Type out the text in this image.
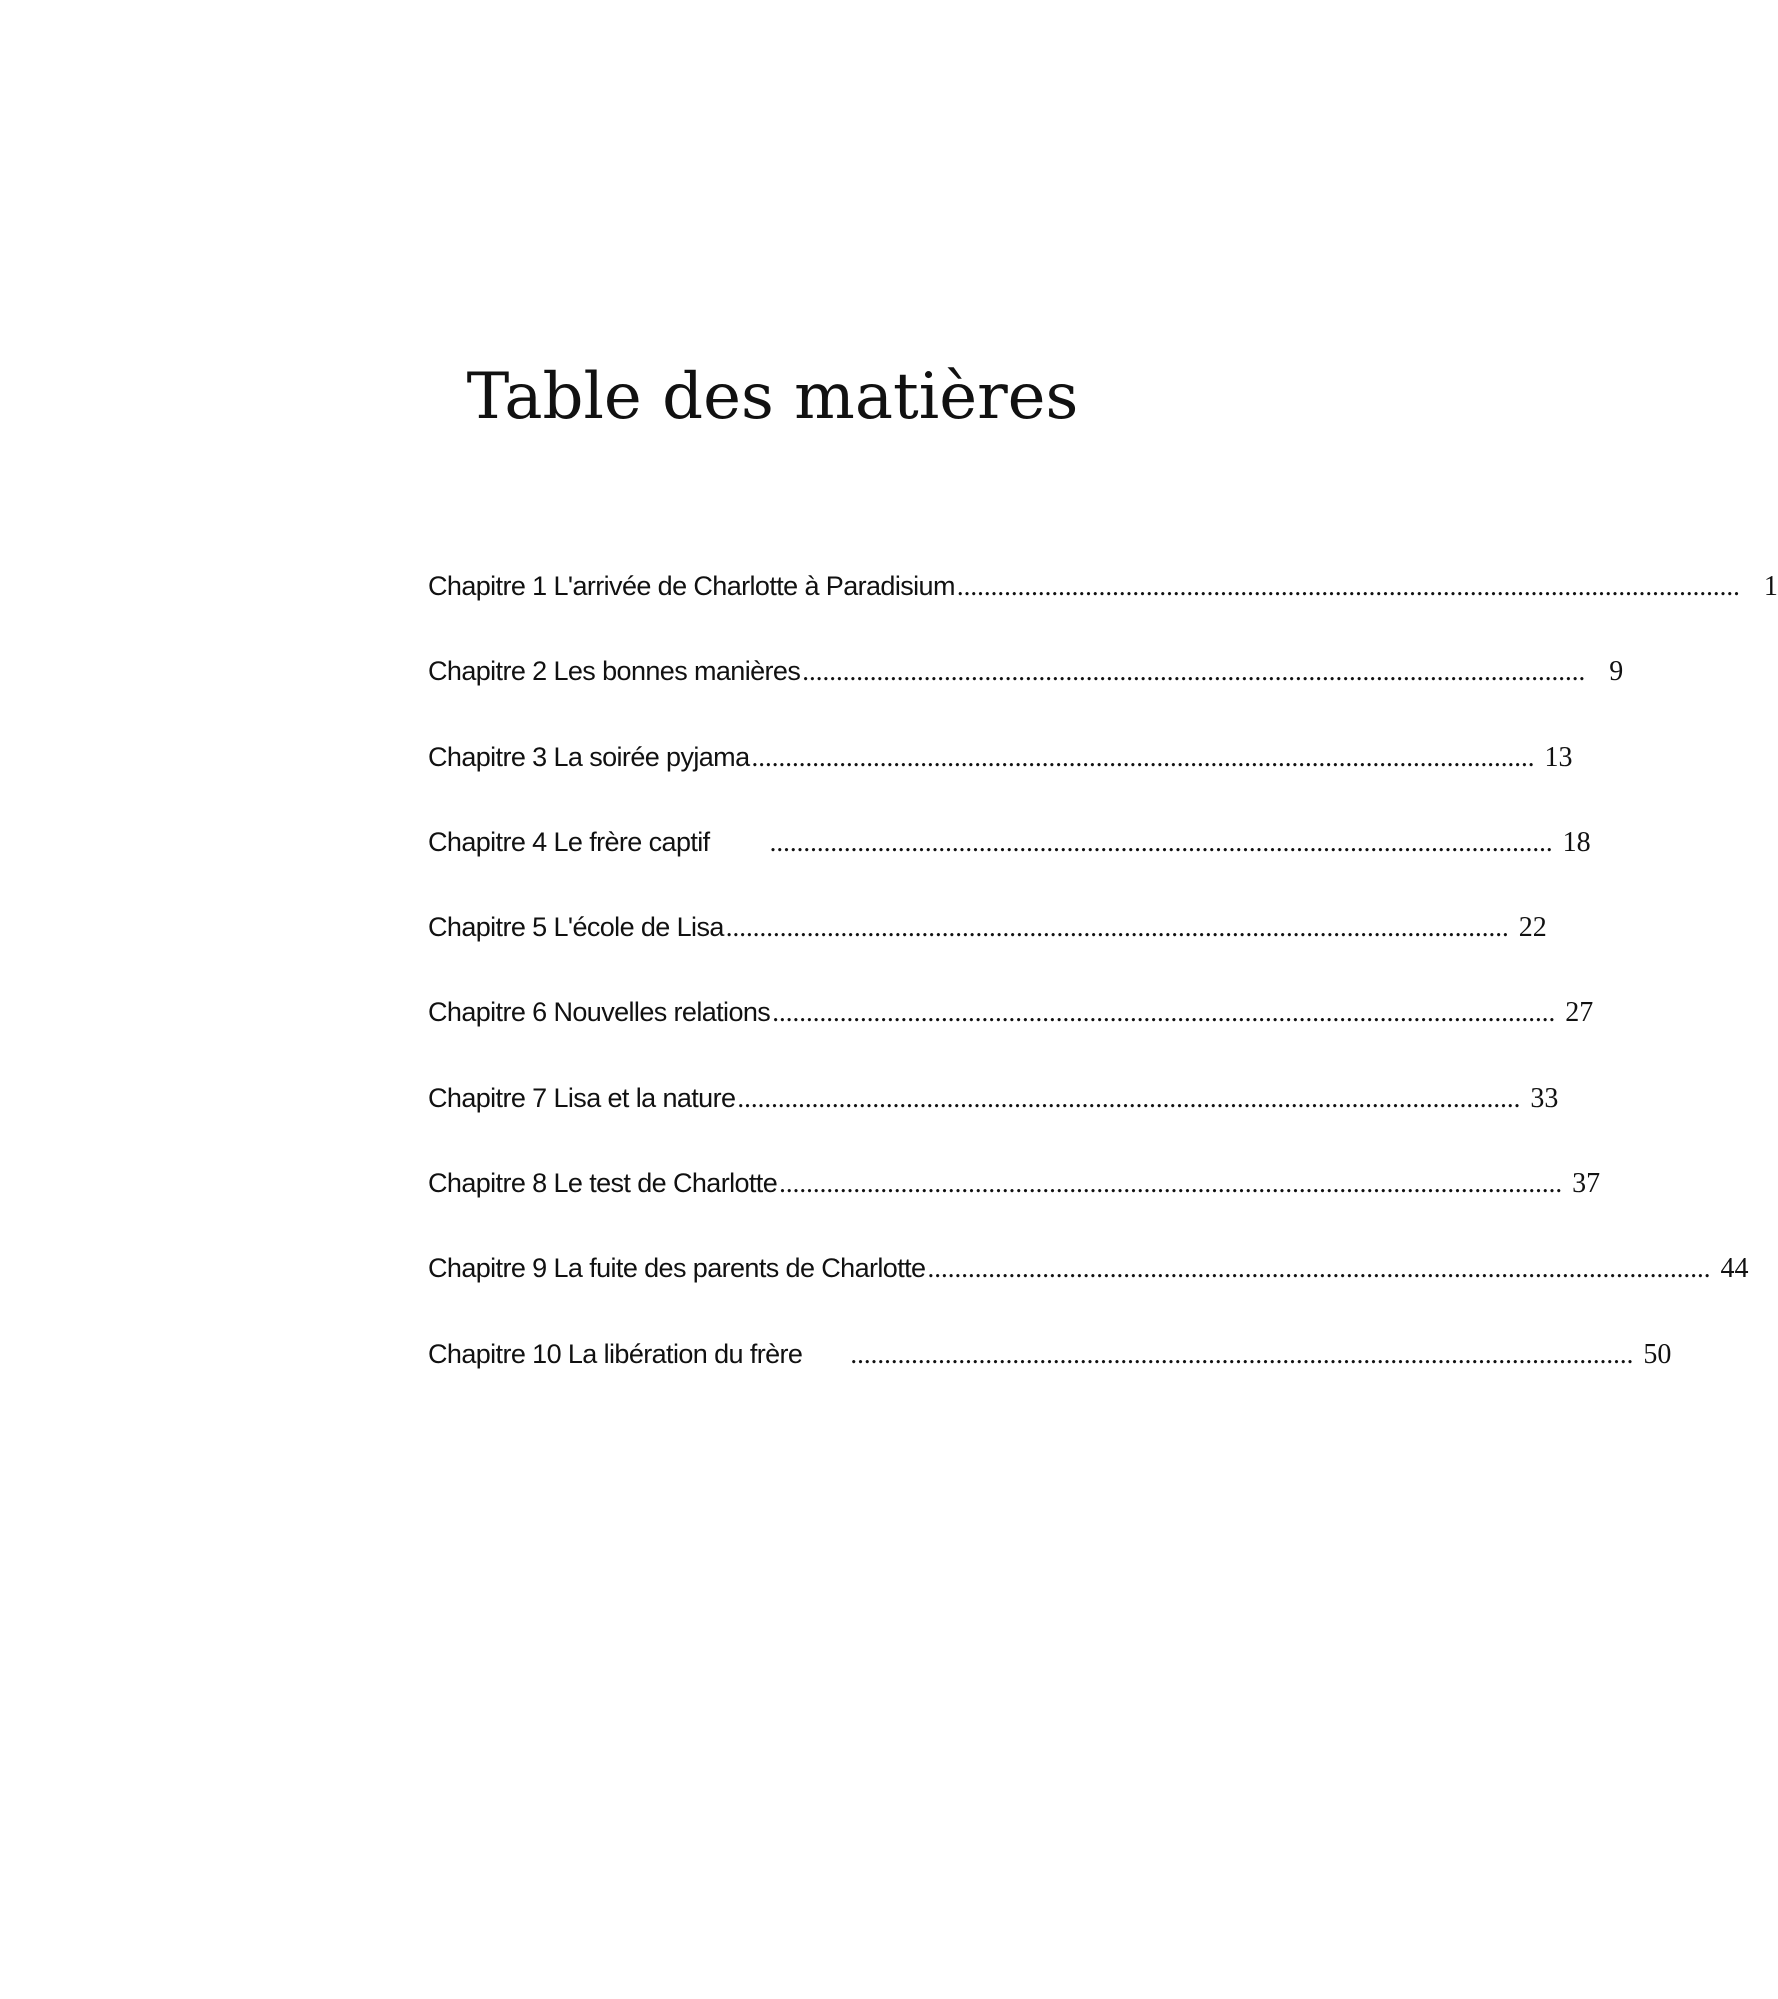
Table des matières
Chapitre 1 L'arrivée de Charlotte à Paradisium .................................................................................................................... 1
Chapitre 2 Les bonnes manières .................................................................................................................... 9
Chapitre 3 La soirée pyjama .................................................................................................................... 13
Chapitre 4 Le frère captif .................................................................................................................... 18
Chapitre 5 L'école de Lisa .................................................................................................................... 22
Chapitre 6 Nouvelles relations .................................................................................................................... 27
Chapitre 7 Lisa et la nature .................................................................................................................... 33
Chapitre 8 Le test de Charlotte .................................................................................................................... 37
Chapitre 9 La fuite des parents de Charlotte .................................................................................................................... 44
Chapitre 10 La libération du frère .................................................................................................................... 50
